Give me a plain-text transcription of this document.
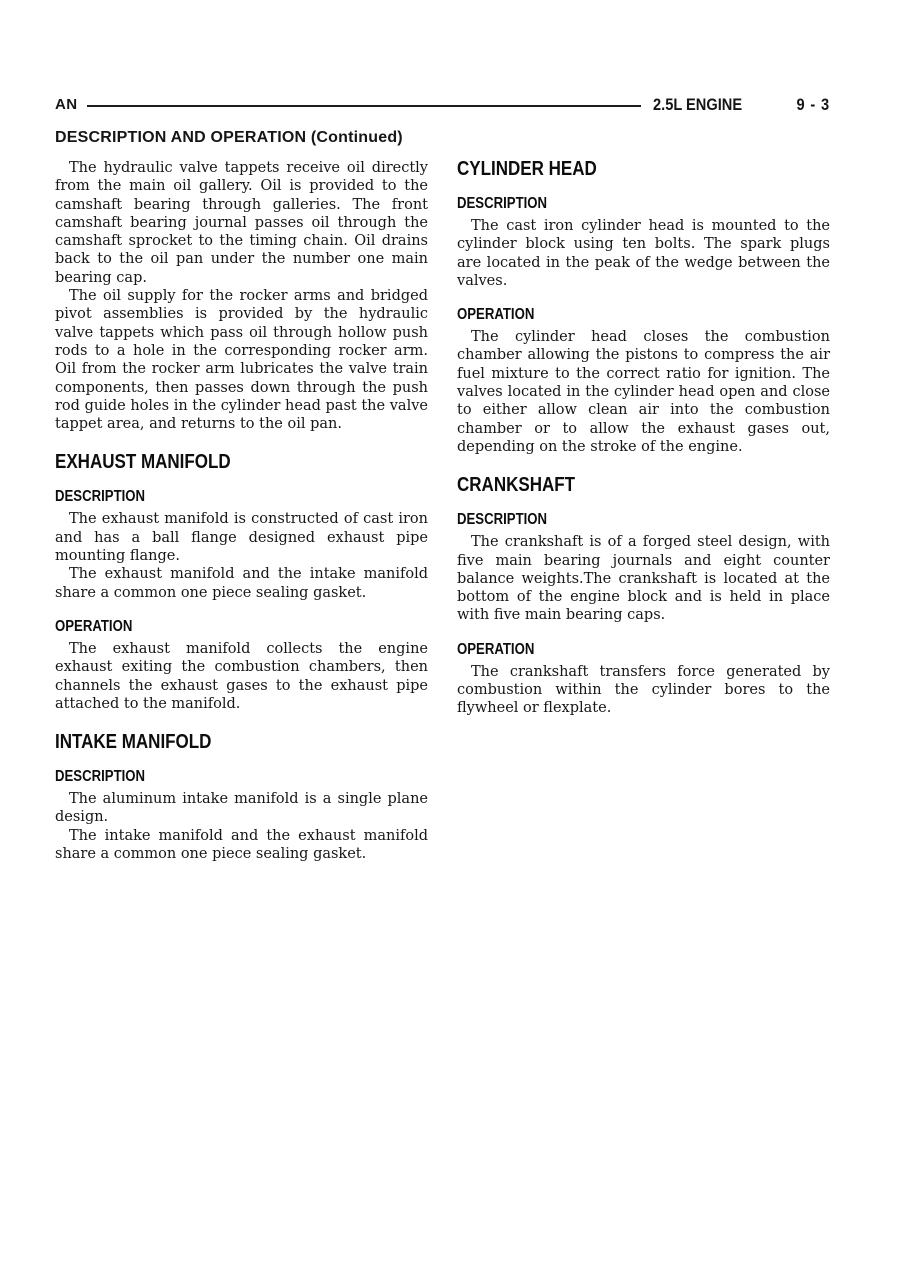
AN	2.5L ENGINE	9 - 3
DESCRIPTION AND OPERATION (Continued)

The hydraulic valve tappets receive oil directly from the main oil gallery. Oil is provided to the camshaft bearing through galleries. The front camshaft bearing journal passes oil through the camshaft sprocket to the timing chain. Oil drains back to the oil pan under the number one main bearing cap.

The oil supply for the rocker arms and bridged pivot assemblies is provided by the hydraulic valve tappets which pass oil through hollow push rods to a hole in the corresponding rocker arm. Oil from the rocker arm lubricates the valve train components, then passes down through the push rod guide holes in the cylinder head past the valve tappet area, and returns to the oil pan.

EXHAUST MANIFOLD
DESCRIPTION

The exhaust manifold is constructed of cast iron and has a ball flange designed exhaust pipe mounting flange.

The exhaust manifold and the intake manifold share a common one piece sealing gasket.

OPERATION

The exhaust manifold collects the engine exhaust exiting the combustion chambers, then channels the exhaust gases to the exhaust pipe attached to the manifold.

INTAKE MANIFOLD
DESCRIPTION

The aluminum intake manifold is a single plane design.

The intake manifold and the exhaust manifold share a common one piece sealing gasket.

CYLINDER HEAD
DESCRIPTION

The cast iron cylinder head is mounted to the cylinder block using ten bolts. The spark plugs are located in the peak of the wedge between the valves.

OPERATION

The cylinder head closes the combustion chamber allowing the pistons to compress the air fuel mixture to the correct ratio for ignition. The valves located in the cylinder head open and close to either allow clean air into the combustion chamber or to allow the exhaust gases out, depending on the stroke of the engine.

CRANKSHAFT
DESCRIPTION

The crankshaft is of a forged steel design, with five main bearing journals and eight counter balance weights.The crankshaft is located at the bottom of the engine block and is held in place with five main bearing caps.

OPERATION

The crankshaft transfers force generated by combustion within the cylinder bores to the flywheel or flexplate.
